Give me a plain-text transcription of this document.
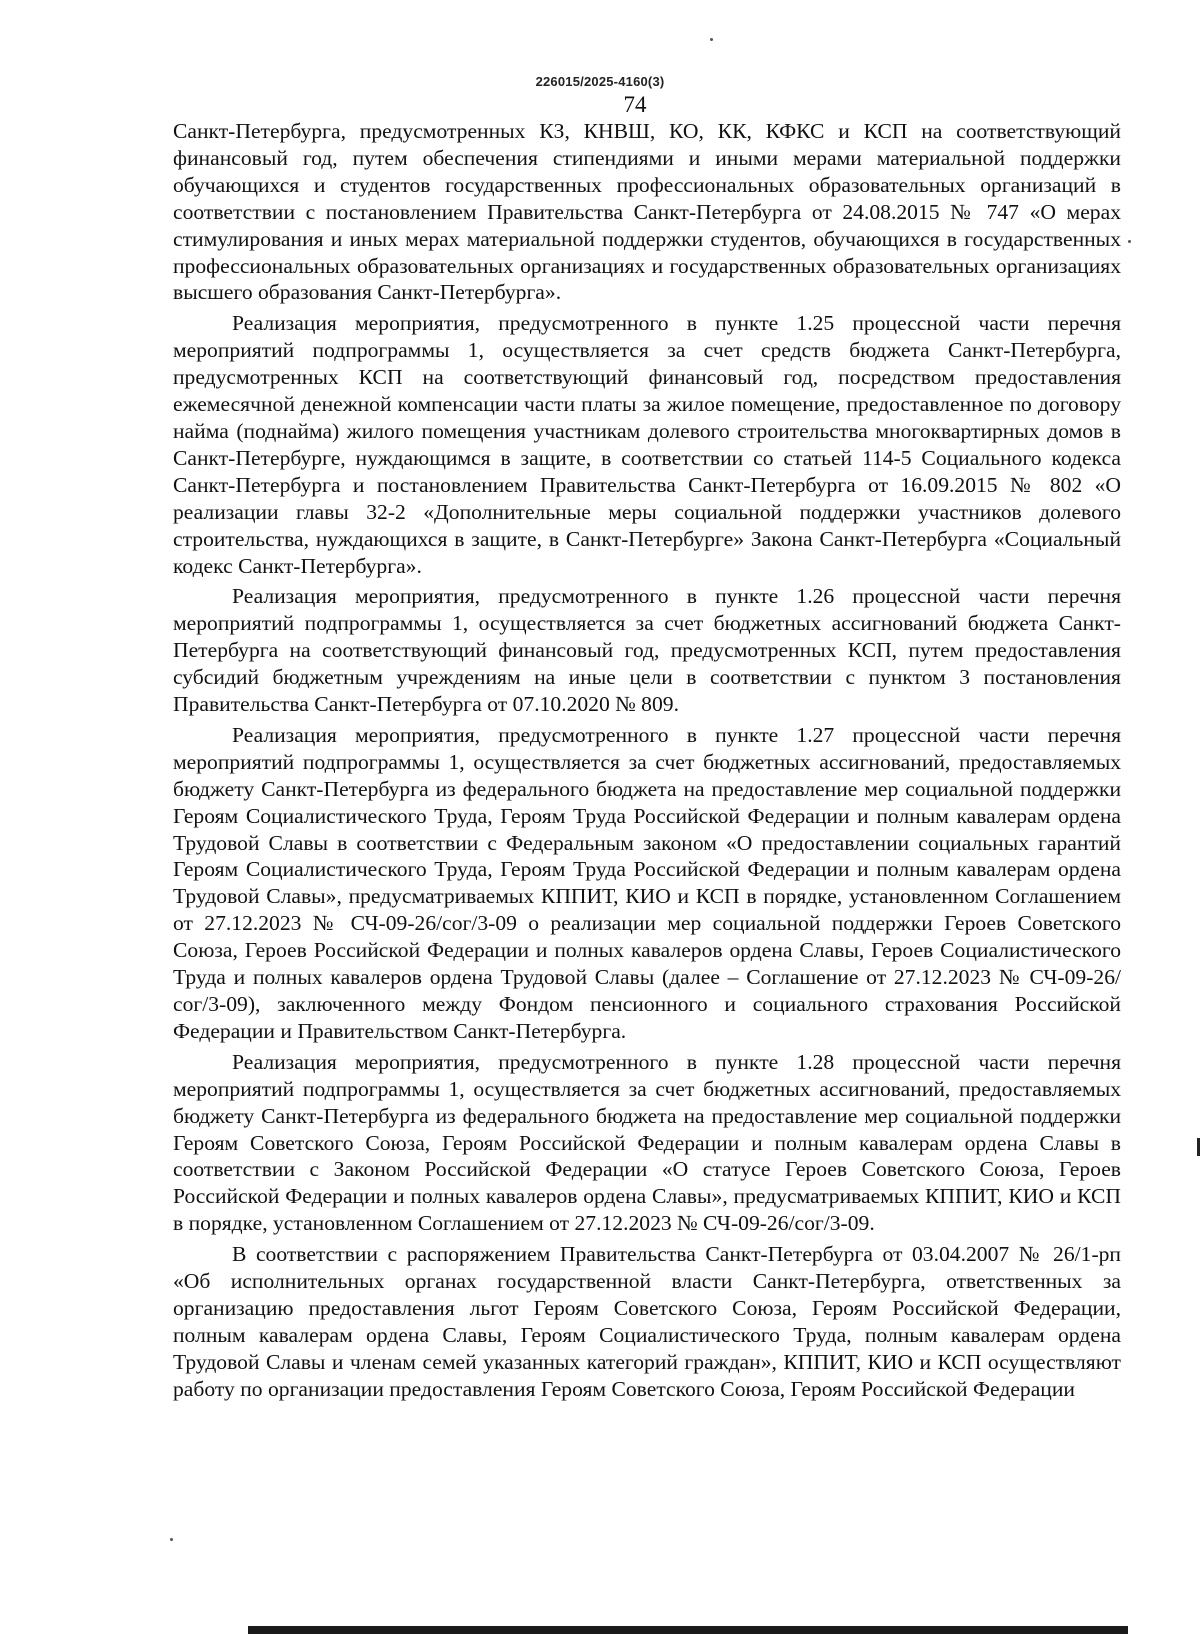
226015/2025-4160(3)
74

Санкт-Петербурга, предусмотренных КЗ, КНВШ, КО, КК, КФКС и КСП на соответствующий финансовый год, путем обеспечения стипендиями и иными мерами материальной поддержки обучающихся и студентов государственных профессиональных образовательных организаций в соответствии с постановлением Правительства Санкт-Петербурга от 24.08.2015 № 747 «О мерах стимулирования и иных мерах материальной поддержки студентов, обучающихся в государственных профессиональных образовательных организациях и государственных образовательных организациях высшего образования Санкт-Петербурга».

Реализация мероприятия, предусмотренного в пункте 1.25 процессной части перечня мероприятий подпрограммы 1, осуществляется за счет средств бюджета Санкт-Петербурга, предусмотренных КСП на соответствующий финансовый год, посредством предоставления ежемесячной денежной компенсации части платы за жилое помещение, предоставленное по договору найма (поднайма) жилого помещения участникам долевого строительства многоквартирных домов в Санкт-Петербурге, нуждающимся в защите, в соответствии со статьей 114-5 Социального кодекса Санкт-Петербурга и постановлением Правительства Санкт-Петербурга от 16.09.2015 № 802 «О реализации главы 32-2 «Дополнительные меры социальной поддержки участников долевого строительства, нуждающихся в защите, в Санкт-Петербурге» Закона Санкт-Петербурга «Социальный кодекс Санкт-Петербурга».

Реализация мероприятия, предусмотренного в пункте 1.26 процессной части перечня мероприятий подпрограммы 1, осуществляется за счет бюджетных ассигнований бюджета Санкт-Петербурга на соответствующий финансовый год, предусмотренных КСП, путем предоставления субсидий бюджетным учреждениям на иные цели в соответствии с пунктом 3 постановления Правительства Санкт-Петербурга от 07.10.2020 № 809.

Реализация мероприятия, предусмотренного в пункте 1.27 процессной части перечня мероприятий подпрограммы 1, осуществляется за счет бюджетных ассигнований, предоставляемых бюджету Санкт-Петербурга из федерального бюджета на предоставление мер социальной поддержки Героям Социалистического Труда, Героям Труда Российской Федерации и полным кавалерам ордена Трудовой Славы в соответствии с Федеральным законом «О предоставлении социальных гарантий Героям Социалистического Труда, Героям Труда Российской Федерации и полным кавалерам ордена Трудовой Славы», предусматриваемых КППИТ, КИО и КСП в порядке, установленном Соглашением от 27.12.2023 № СЧ-09-26/сог/3-09 о реализации мер социальной поддержки Героев Советского Союза, Героев Российской Федерации и полных кавалеров ордена Славы, Героев Социалистического Труда и полных кавалеров ордена Трудовой Славы (далее – Соглашение от 27.12.2023 № СЧ-09-26/сог/3-09), заключенного между Фондом пенсионного и социального страхования Российской Федерации и Правительством Санкт-Петербурга.

Реализация мероприятия, предусмотренного в пункте 1.28 процессной части перечня мероприятий подпрограммы 1, осуществляется за счет бюджетных ассигнований, предоставляемых бюджету Санкт-Петербурга из федерального бюджета на предоставление мер социальной поддержки Героям Советского Союза, Героям Российской Федерации и полным кавалерам ордена Славы в соответствии с Законом Российской Федерации «О статусе Героев Советского Союза, Героев Российской Федерации и полных кавалеров ордена Славы», предусматриваемых КППИТ, КИО и КСП в порядке, установленном Соглашением от 27.12.2023 № СЧ-09-26/сог/3-09.

В соответствии с распоряжением Правительства Санкт-Петербурга от 03.04.2007 № 26/1-рп «Об исполнительных органах государственной власти Санкт-Петербурга, ответственных за организацию предоставления льгот Героям Советского Союза, Героям Российской Федерации, полным кавалерам ордена Славы, Героям Социалистического Труда, полным кавалерам ордена Трудовой Славы и членам семей указанных категорий граждан», КППИТ, КИО и КСП осуществляют работу по организации предоставления Героям Советского Союза, Героям Российской Федерации
